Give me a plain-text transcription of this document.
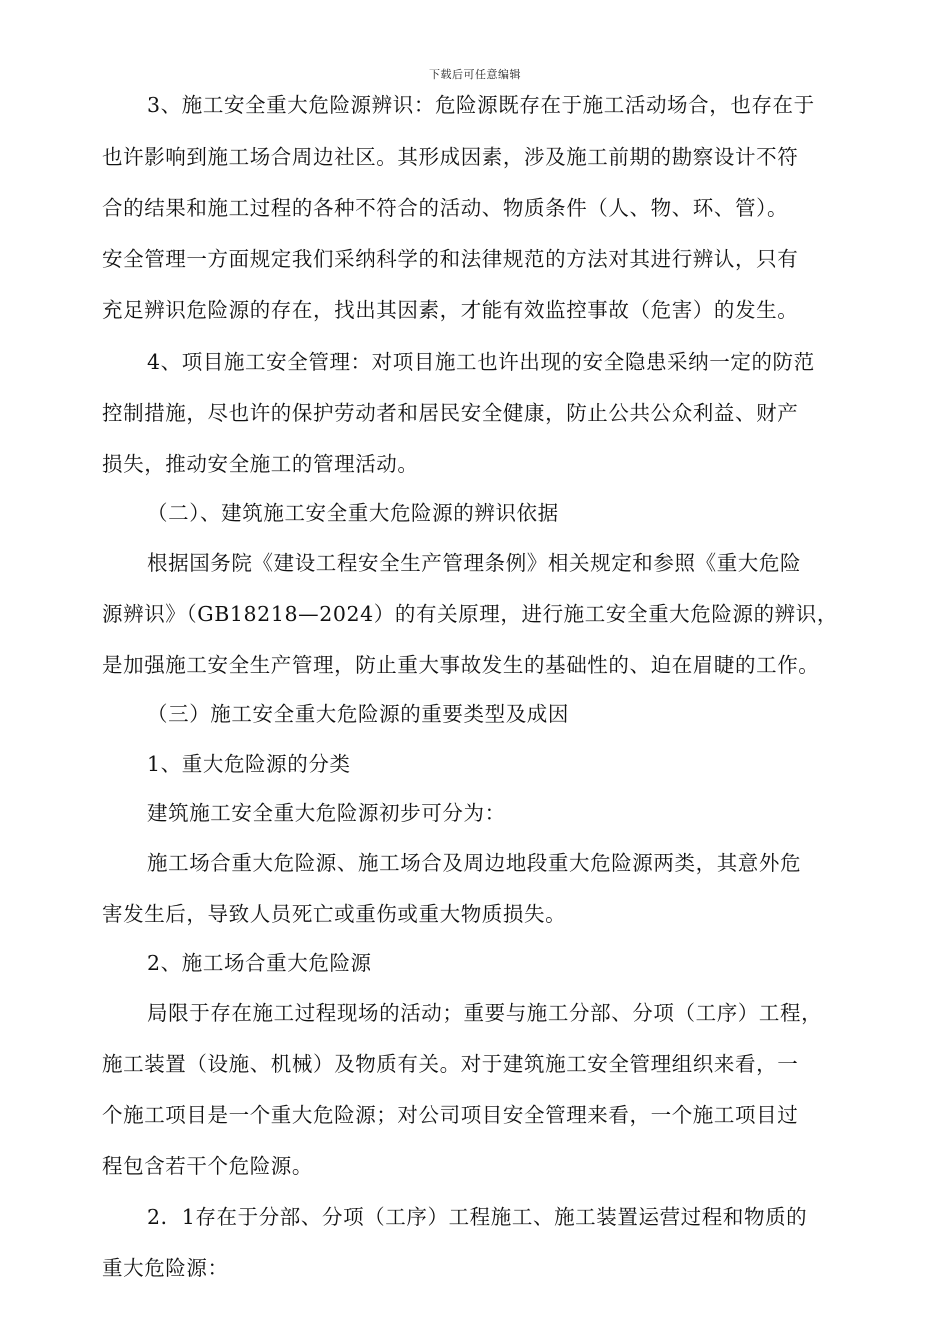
下载后可任意编辑
3、施工安全重大危险源辨识：危险源既存在于施工活动场合，也存在于
也许影响到施工场合周边社区。其形成因素，涉及施工前期的勘察设计不符
合的结果和施工过程的各种不符合的活动、物质条件（人、物、环、管）。
安全管理一方面规定我们采纳科学的和法律规范的方法对其进行辨认，只有
充足辨识危险源的存在，找出其因素，才能有效监控事故（危害）的发生。
4、项目施工安全管理：对项目施工也许出现的安全隐患采纳一定的防范
控制措施，尽也许的保护劳动者和居民安全健康，防止公共公众利益、财产
损失，推动安全施工的管理活动。
（二）、建筑施工安全重大危险源的辨识依据
根据国务院《建设工程安全生产管理条例》相关规定和参照《重大危险
源辨识》（GB18218—2024）的有关原理，进行施工安全重大危险源的辨识，
是加强施工安全生产管理，防止重大事故发生的基础性的、迫在眉睫的工作。
（三）施工安全重大危险源的重要类型及成因
1、重大危险源的分类
建筑施工安全重大危险源初步可分为：
施工场合重大危险源、施工场合及周边地段重大危险源两类，其意外危
害发生后，导致人员死亡或重伤或重大物质损失。
2、施工场合重大危险源
局限于存在施工过程现场的活动；重要与施工分部、分项（工序）工程，
施工装置（设施、机械）及物质有关。对于建筑施工安全管理组织来看，一
个施工项目是一个重大危险源；对公司项目安全管理来看，一个施工项目过
程包含若干个危险源。
2．1存在于分部、分项（工序）工程施工、施工装置运营过程和物质的
重大危险源：
